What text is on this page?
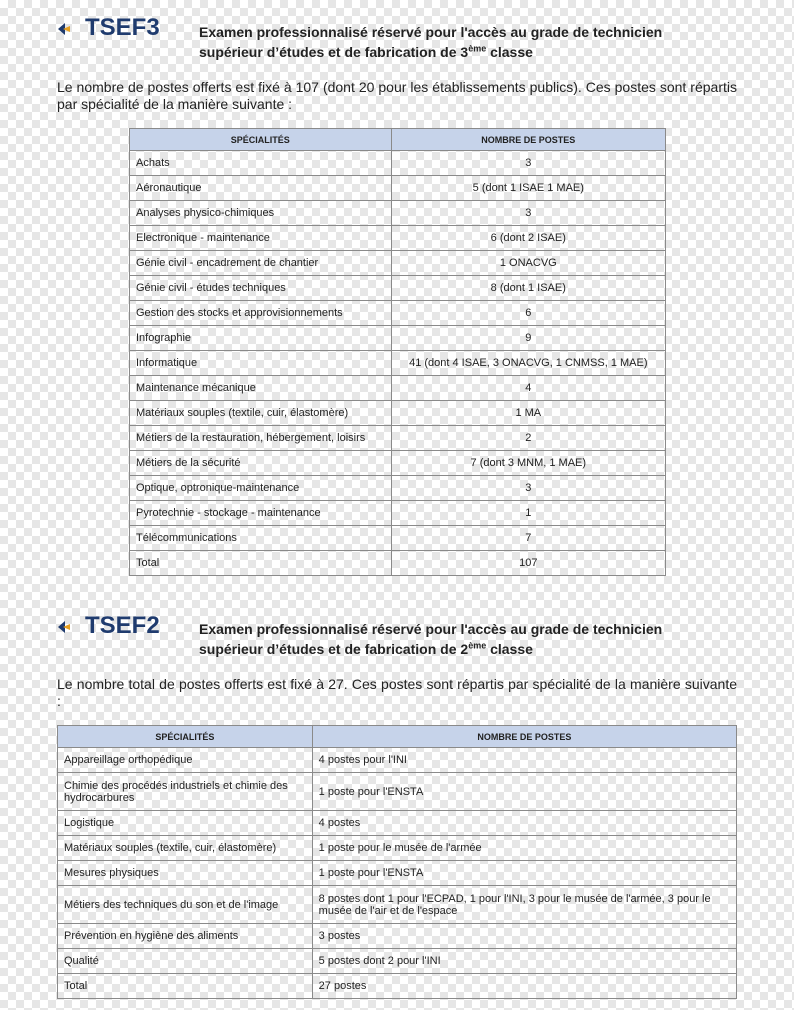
TSEF3	Examen professionnalisé réservé pour l'accès au grade de technicien
supérieur d’études et de fabrication de 3ème classe
Le nombre de postes offerts est fixé à 107 (dont 20 pour les établissements publics). Ces postes sont répartis par spécialité de la manière suivante :
SPÉCIALITÉS	NOMBRE DE POSTES
Achats	3
Aéronautique	5 (dont 1 ISAE 1 MAE)
Analyses physico-chimiques	3
Electronique - maintenance	6 (dont 2 ISAE)
Génie civil - encadrement de chantier	1 ONACVG
Génie civil - études techniques	8 (dont 1 ISAE)
Gestion des stocks et approvisionnements	6
Infographie	9
Informatique	41 (dont 4 ISAE, 3 ONACVG, 1 CNMSS, 1 MAE)
Maintenance mécanique	4
Matériaux souples (textile, cuir, élastomère)	1 MA
Métiers de la restauration, hébergement, loisirs	2
Métiers de la sécurité	7 (dont 3 MNM, 1 MAE)
Optique, optronique-maintenance	3
Pyrotechnie - stockage - maintenance	1
Télécommunications	7
Total	107
TSEF2	Examen professionnalisé réservé pour l'accès au grade de technicien
supérieur d’études et de fabrication de 2ème classe
Le nombre total de postes offerts est fixé à 27. Ces postes sont répartis par spécialité de la manière suivante :
SPÉCIALITÉS	NOMBRE DE POSTES
Appareillage orthopédique	4 postes pour l'INI
Chimie des procédés industriels et chimie des hydrocarbures	1 poste pour l'ENSTA
Logistique	4 postes
Matériaux souples (textile, cuir, élastomère)	1 poste pour le musée de l'armée
Mesures physiques	1 poste pour l'ENSTA
Métiers des techniques du son et de l'image	8 postes dont 1 pour l'ECPAD, 1 pour l'INI, 3 pour le musée de l'armée, 3 pour le musée de l'air et de l'espace
Prévention en hygiène des aliments	3 postes
Qualité	5 postes dont 2 pour l'INI
Total	27 postes
